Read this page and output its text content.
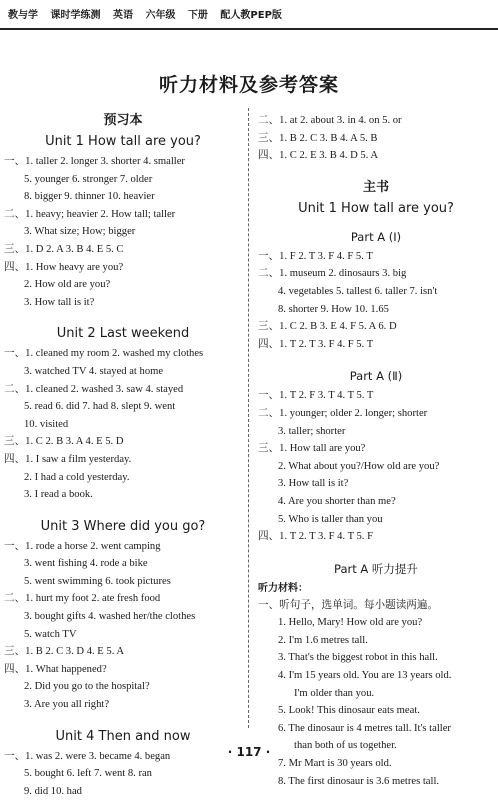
教与学 课时学练测 英语 六年级 下册 配人教PEP版
听力材料及参考答案
预习本
Unit 1 How tall are you?
一、1. taller 2. longer 3. shorter 4. smaller
5. younger 6. stronger 7. older
8. bigger 9. thinner 10. heavier
二、1. heavy; heavier 2. How tall; taller
3. What size; How; bigger
三、1. D 2. A 3. B 4. E 5. C
四、1. How heavy are you?
2. How old are you?
3. How tall is it?
Unit 2 Last weekend
一、1. cleaned my room 2. washed my clothes
3. watched TV 4. stayed at home
二、1. cleaned 2. washed 3. saw 4. stayed
5. read 6. did 7. had 8. slept 9. went
10. visited
三、1. C 2. B 3. A 4. E 5. D
四、1. I saw a film yesterday.
2. I had a cold yesterday.
3. I read a book.
Unit 3 Where did you go?
一、1. rode a horse 2. went camping
3. went fishing 4. rode a bike
5. went swimming 6. took pictures
二、1. hurt my foot 2. ate fresh food
3. bought gifts 4. washed her/the clothes
5. watch TV
三、1. B 2. C 3. D 4. E 5. A
四、1. What happened?
2. Did you go to the hospital?
3. Are you all right?
Unit 4 Then and now
一、1. was 2. were 3. became 4. began
5. bought 6. left 7. went 8. ran
9. did 10. had
二、1. at 2. about 3. in 4. on 5. or
三、1. B 2. C 3. B 4. A 5. B
四、1. C 2. E 3. B 4. D 5. A
主书
Unit 1 How tall are you?
Part A (Ⅰ)
一、1. F 2. T 3. F 4. F 5. T
二、1. museum 2. dinosaurs 3. big
4. vegetables 5. tallest 6. taller 7. isn't
8. shorter 9. How 10. 1.65
三、1. C 2. B 3. E 4. F 5. A 6. D
四、1. T 2. T 3. F 4. F 5. T
Part A (Ⅱ)
一、1. T 2. F 3. T 4. T 5. T
二、1. younger; older 2. longer; shorter
3. taller; shorter
三、1. How tall are you?
2. What about you?/How old are you?
3. How tall is it?
4. Are you shorter than me?
5. Who is taller than you
四、1. T 2. T 3. F 4. T 5. F
Part A 听力提升
听力材料：
一、听句子，选单词。每小题读两遍。
1. Hello, Mary! How old are you?
2. I'm 1.6 metres tall.
3. That's the biggest robot in this hall.
4. I'm 15 years old. You are 13 years old.
I'm older than you.
5. Look! This dinosaur eats meat.
6. The dinosaur is 4 metres tall. It's taller
than both of us together.
7. Mr Mart is 30 years old.
8. The first dinosaur is 3.6 metres tall.
· 117 ·
